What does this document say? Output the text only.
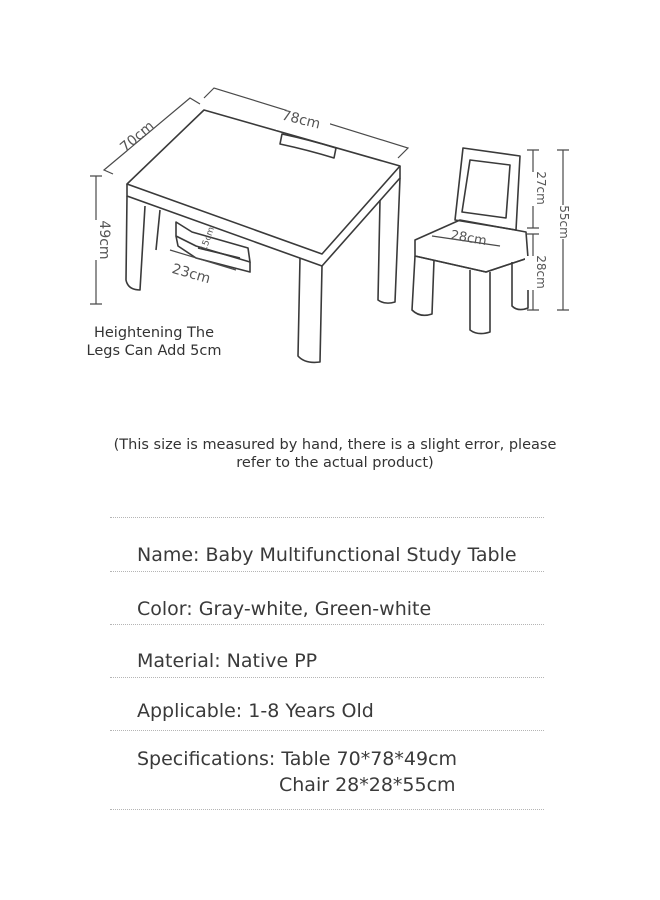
78cm
70cm
49cm
23cm
15cm
55cm
27cm
28cm
28cm
Heightening The Legs Can Add 5cm
(This size is measured by hand, there is a slight error, please refer to the actual product)
Name: Baby Multifunctional Study Table
Color: Gray-white, Green-white
Material: Native PP
Applicable: 1-8 Years Old
Specifications: Table 70*78*49cm
Chair 28*28*55cm
